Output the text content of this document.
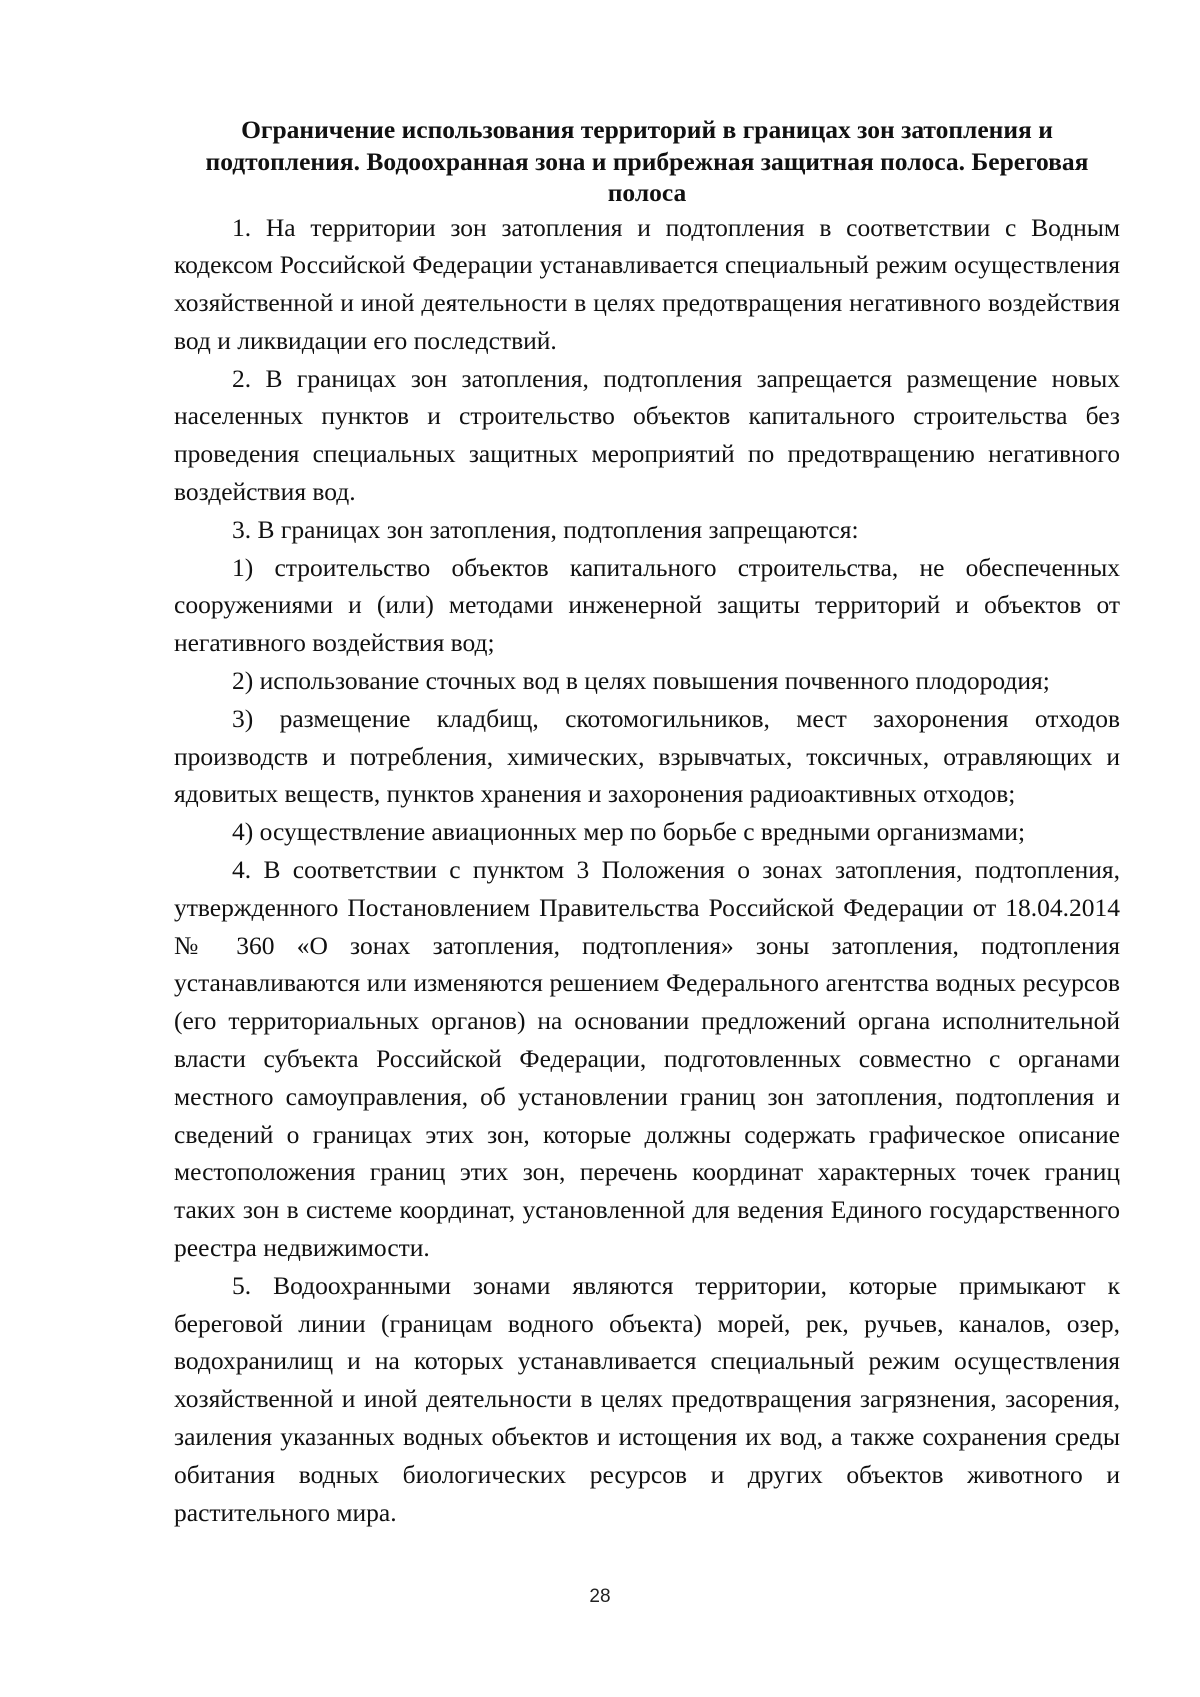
Ограничение использования территорий в границах зон затопления и подтопления. Водоохранная зона и прибрежная защитная полоса. Береговая полоса

1. На территории зон затопления и подтопления в соответствии с Водным кодексом Российской Федерации устанавливается специальный режим осуществления хозяйственной и иной деятельности в целях предотвращения негативного воздействия вод и ликвидации его последствий.

2. В границах зон затопления, подтопления запрещается размещение новых населенных пунктов и строительство объектов капитального строительства без проведения специальных защитных мероприятий по предотвращению негативного воздействия вод.

3. В границах зон затопления, подтопления запрещаются:

1) строительство объектов капитального строительства, не обеспеченных сооружениями и (или) методами инженерной защиты территорий и объектов от негативного воздействия вод;

2) использование сточных вод в целях повышения почвенного плодородия;

3) размещение кладбищ, скотомогильников, мест захоронения отходов производств и потребления, химических, взрывчатых, токсичных, отравляющих и ядовитых веществ, пунктов хранения и захоронения радиоактивных отходов;

4) осуществление авиационных мер по борьбе с вредными организмами;

4. В соответствии с пунктом 3 Положения о зонах затопления, подтопления, утвержденного Постановлением Правительства Российской Федерации от 18.04.2014 № 360 «О зонах затопления, подтопления» зоны затопления, подтопления устанавливаются или изменяются решением Федерального агентства водных ресурсов (его территориальных органов) на основании предложений органа исполнительной власти субъекта Российской Федерации, подготовленных совместно с органами местного самоуправления, об установлении границ зон затопления, подтопления и сведений о границах этих зон, которые должны содержать графическое описание местоположения границ этих зон, перечень координат характерных точек границ таких зон в системе координат, установленной для ведения Единого государственного реестра недвижимости.

5. Водоохранными зонами являются территории, которые примыкают к береговой линии (границам водного объекта) морей, рек, ручьев, каналов, озер, водохранилищ и на которых устанавливается специальный режим осуществления хозяйственной и иной деятельности в целях предотвращения загрязнения, засорения, заиления указанных водных объектов и истощения их вод, а также сохранения среды обитания водных биологических ресурсов и других объектов животного и растительного мира.

28
